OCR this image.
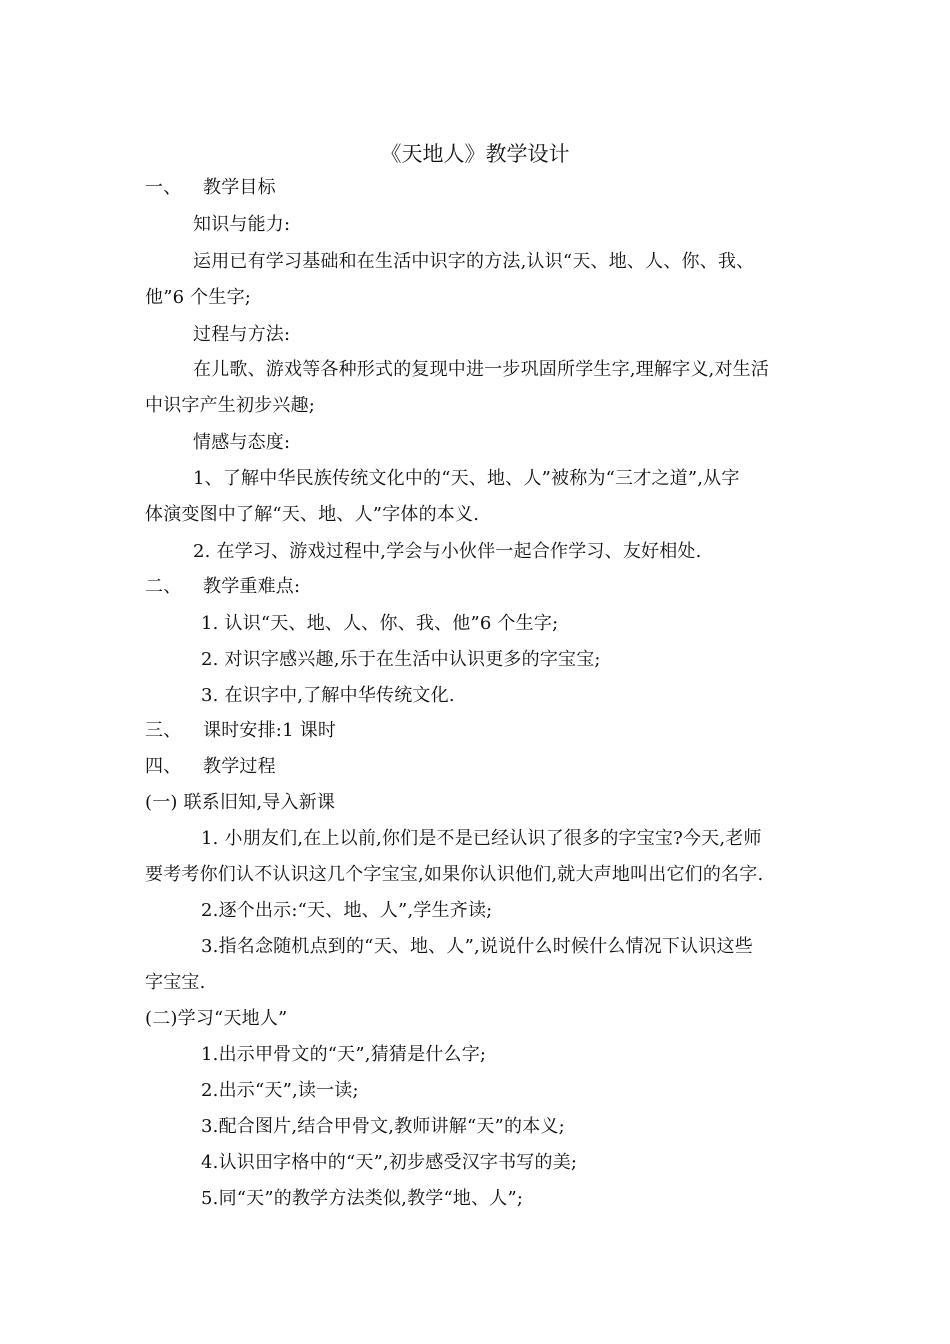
《天地人》教学设计
一、 教学目标
知识与能力:
运用已有学习基础和在生活中识字的方法,认识“天、地、人、你、我、
他”6 个生字;
过程与方法:
在儿歌、游戏等各种形式的复现中进一步巩固所学生字,理解字义,对生活
中识字产生初步兴趣;
情感与态度:
1、了解中华民族传统文化中的“天、地、人”被称为“三才之道”,从字
体演变图中了解“天、地、人”字体的本义.
2. 在学习、游戏过程中,学会与小伙伴一起合作学习、友好相处.
二、 教学重难点:
1. 认识“天、地、人、你、我、他”6 个生字;
2. 对识字感兴趣,乐于在生活中认识更多的字宝宝;
3. 在识字中,了解中华传统文化.
三、 课时安排:1 课时
四、 教学过程
(一) 联系旧知,导入新课
1. 小朋友们,在上以前,你们是不是已经认识了很多的字宝宝?今天,老师
要考考你们认不认识这几个字宝宝,如果你认识他们,就大声地叫出它们的名字.
2.逐个出示:“天、地、人”,学生齐读;
3.指名念随机点到的“天、地、人”,说说什么时候什么情况下认识这些
字宝宝.
(二)学习“天地人”
1.出示甲骨文的“天”,猜猜是什么字;
2.出示“天”,读一读;
3.配合图片,结合甲骨文,教师讲解“天”的本义;
4.认识田字格中的“天”,初步感受汉字书写的美;
5.同“天”的教学方法类似,教学“地、人”;
